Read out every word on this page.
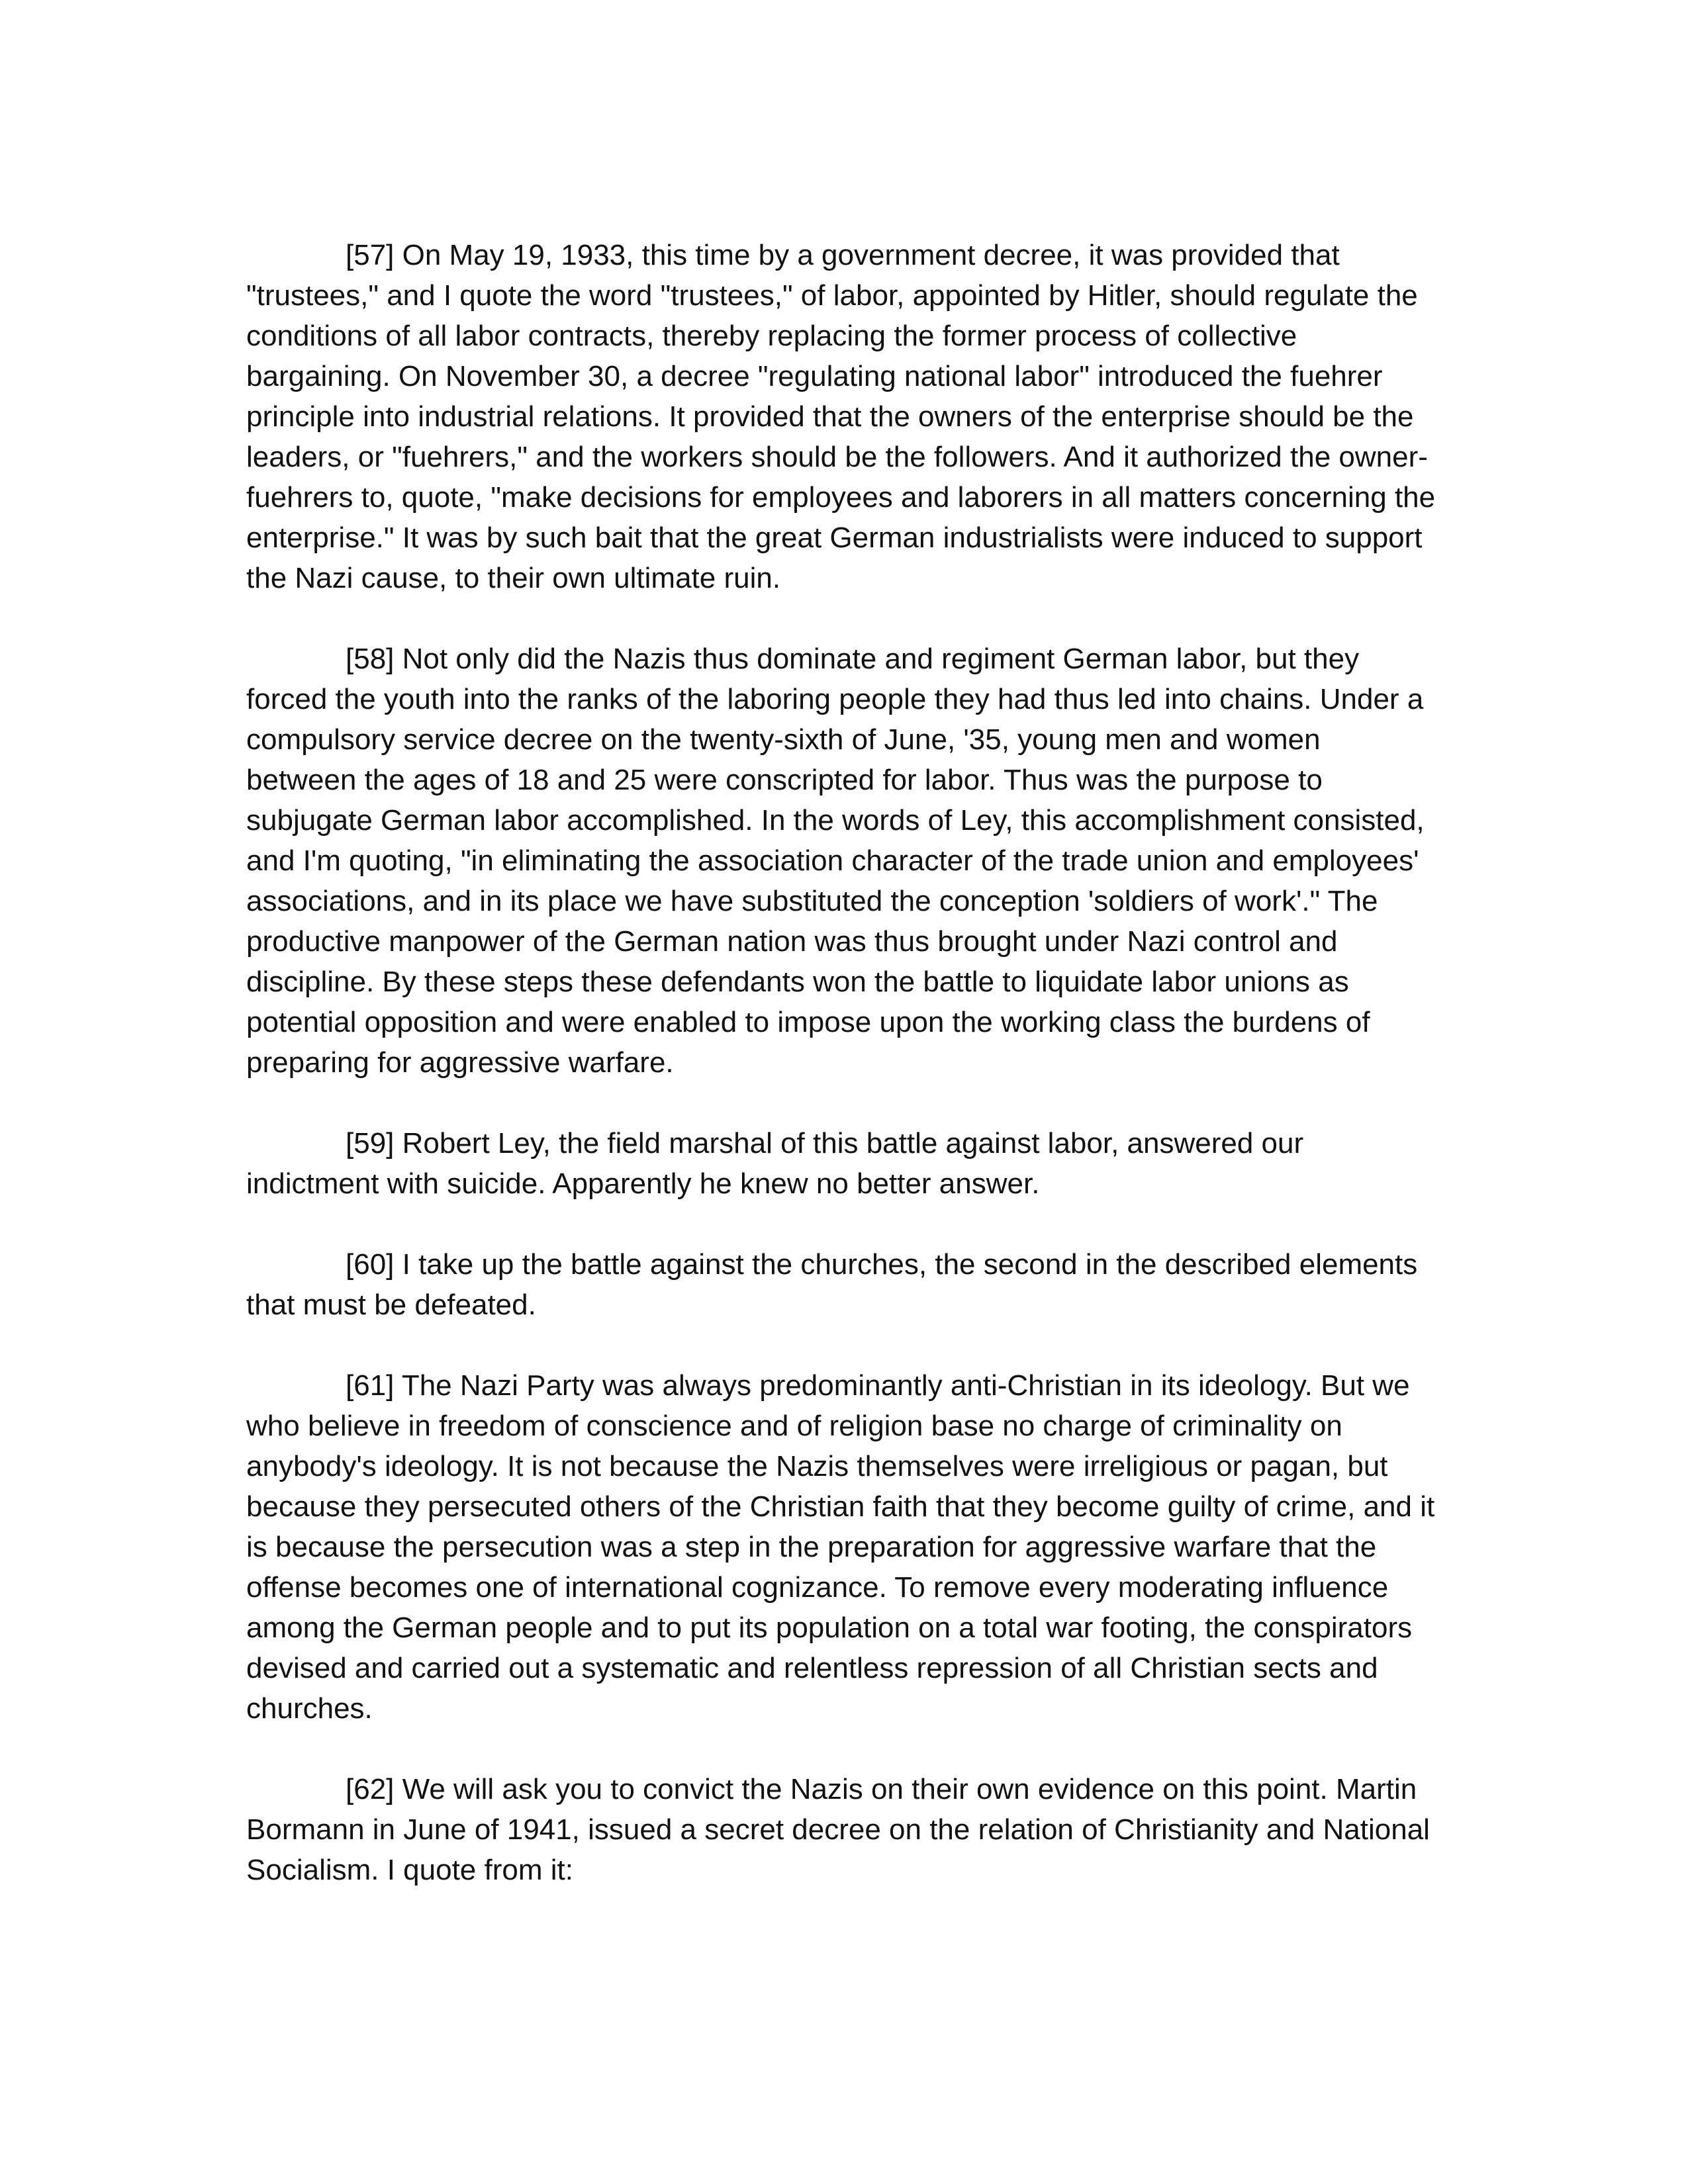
[57] On May 19, 1933, this time by a government decree, it was provided that "trustees," and I quote the word "trustees," of labor, appointed by Hitler, should regulate the conditions of all labor contracts, thereby replacing the former process of collective bargaining. On November 30, a decree "regulating national labor" introduced the fuehrer principle into industrial relations. It provided that the owners of the enterprise should be the leaders, or "fuehrers," and the workers should be the followers. And it authorized the owner-fuehrers to, quote, "make decisions for employees and laborers in all matters concerning the enterprise." It was by such bait that the great German industrialists were induced to support the Nazi cause, to their own ultimate ruin.

[58] Not only did the Nazis thus dominate and regiment German labor, but they forced the youth into the ranks of the laboring people they had thus led into chains. Under a compulsory service decree on the twenty-sixth of June, '35, young men and women between the ages of 18 and 25 were conscripted for labor. Thus was the purpose to subjugate German labor accomplished. In the words of Ley, this accomplishment consisted, and I'm quoting, "in eliminating the association character of the trade union and employees' associations, and in its place we have substituted the conception 'soldiers of work'." The productive manpower of the German nation was thus brought under Nazi control and discipline. By these steps these defendants won the battle to liquidate labor unions as potential opposition and were enabled to impose upon the working class the burdens of preparing for aggressive warfare.

[59] Robert Ley, the field marshal of this battle against labor, answered our indictment with suicide. Apparently he knew no better answer.

[60] I take up the battle against the churches, the second in the described elements that must be defeated.

[61] The Nazi Party was always predominantly anti-Christian in its ideology. But we who believe in freedom of conscience and of religion base no charge of criminality on anybody's ideology. It is not because the Nazis themselves were irreligious or pagan, but because they persecuted others of the Christian faith that they become guilty of crime, and it is because the persecution was a step in the preparation for aggressive warfare that the offense becomes one of international cognizance. To remove every moderating influence among the German people and to put its population on a total war footing, the conspirators devised and carried out a systematic and relentless repression of all Christian sects and churches.

[62] We will ask you to convict the Nazis on their own evidence on this point. Martin Bormann in June of 1941, issued a secret decree on the relation of Christianity and National Socialism. I quote from it:
